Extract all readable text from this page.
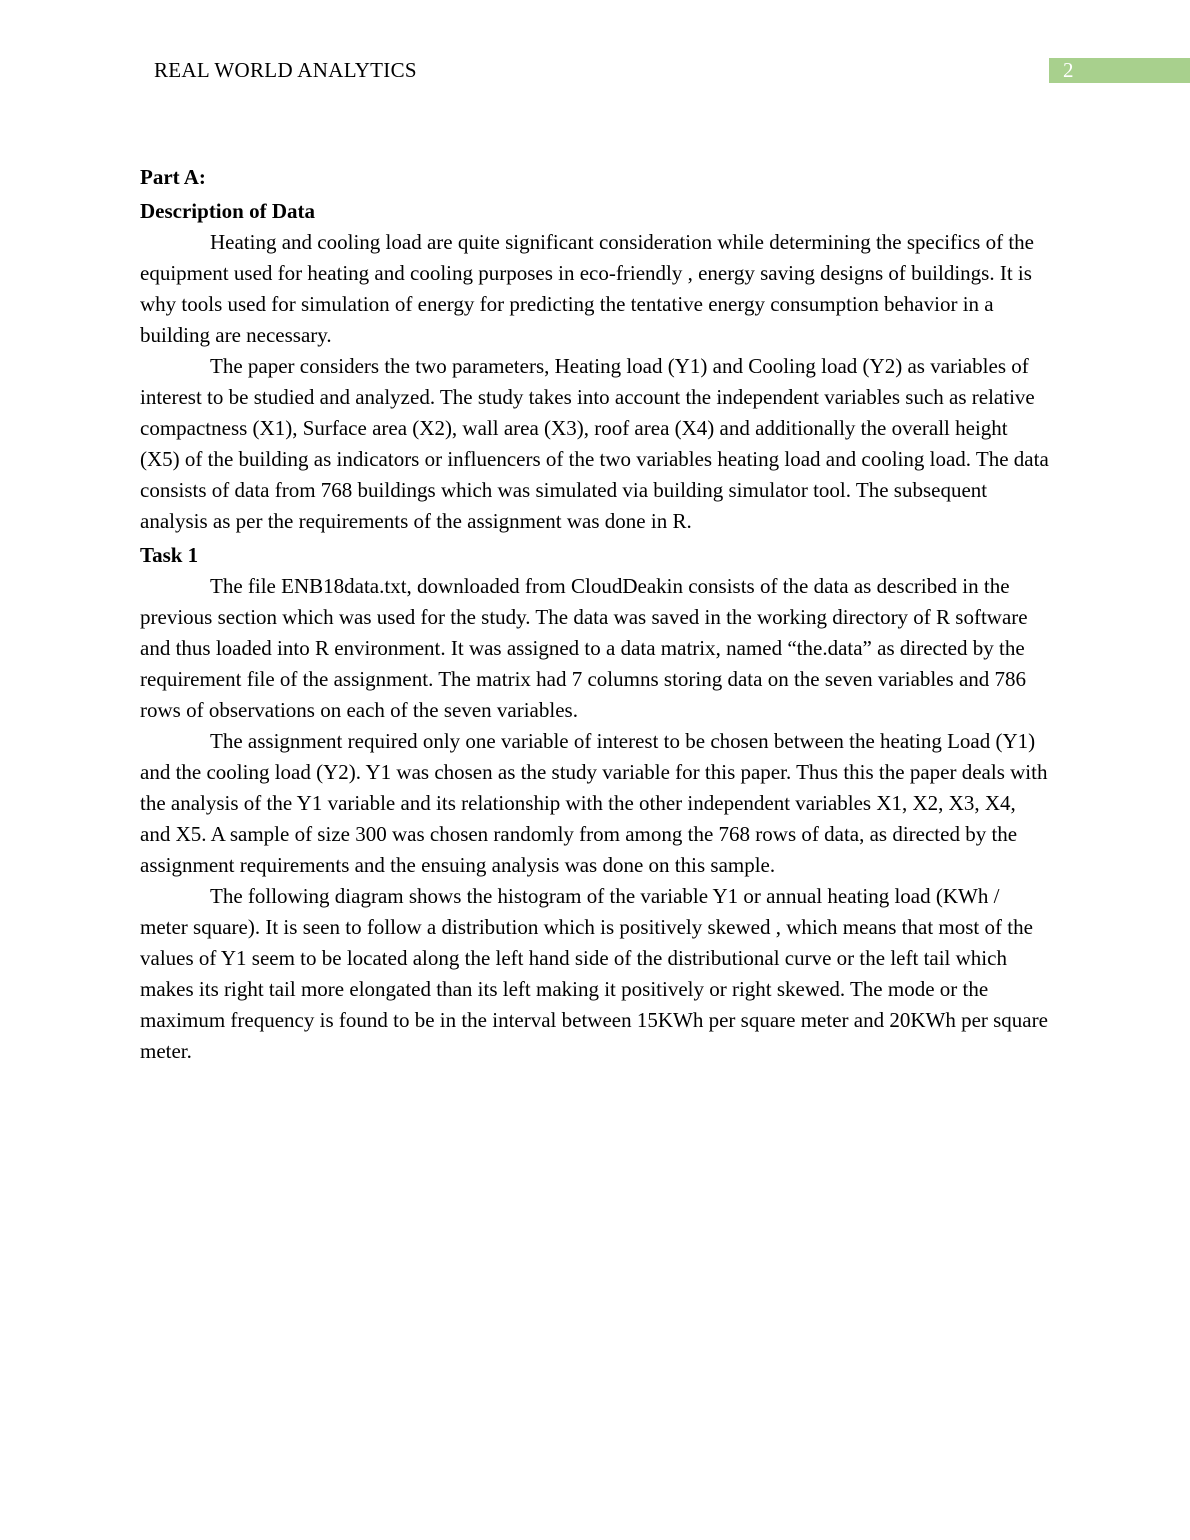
REAL WORLD ANALYTICS	2
Part A:
Description of Data

Heating and cooling load are quite significant consideration while determining the specifics of the equipment used for heating and cooling purposes in eco-friendly , energy saving designs of buildings. It is why tools used for simulation of energy for predicting the tentative energy consumption behavior in a building are necessary.

The paper considers the two parameters, Heating load (Y1) and Cooling load (Y2) as variables of interest to be studied and analyzed. The study takes into account the independent variables such as relative compactness (X1), Surface area (X2), wall area (X3), roof area (X4) and additionally the overall height (X5) of the building as indicators or influencers of the two variables heating load and cooling load. The data consists of data from 768 buildings which was simulated via building simulator tool. The subsequent analysis as per the requirements of the assignment was done in R.

Task 1

The file ENB18data.txt, downloaded from CloudDeakin consists of the data as described in the previous section which was used for the study. The data was saved in the working directory of R software and thus loaded into R environment. It was assigned to a data matrix, named “the.data” as directed by the requirement file of the assignment. The matrix had 7 columns storing data on the seven variables and 786 rows of observations on each of the seven variables.

The assignment required only one variable of interest to be chosen between the heating Load (Y1) and the cooling load (Y2). Y1 was chosen as the study variable for this paper. Thus this the paper deals with the analysis of the Y1 variable and its relationship with the other independent variables X1, X2, X3, X4, and X5. A sample of size 300 was chosen randomly from among the 768 rows of data, as directed by the assignment requirements and the ensuing analysis was done on this sample.

The following diagram shows the histogram of the variable Y1 or annual heating load (KWh / meter square). It is seen to follow a distribution which is positively skewed , which means that most of the values of Y1 seem to be located along the left hand side of the distributional curve or the left tail which makes its right tail more elongated than its left making it positively or right skewed. The mode or the maximum frequency is found to be in the interval between 15KWh per square meter and 20KWh per square meter.
